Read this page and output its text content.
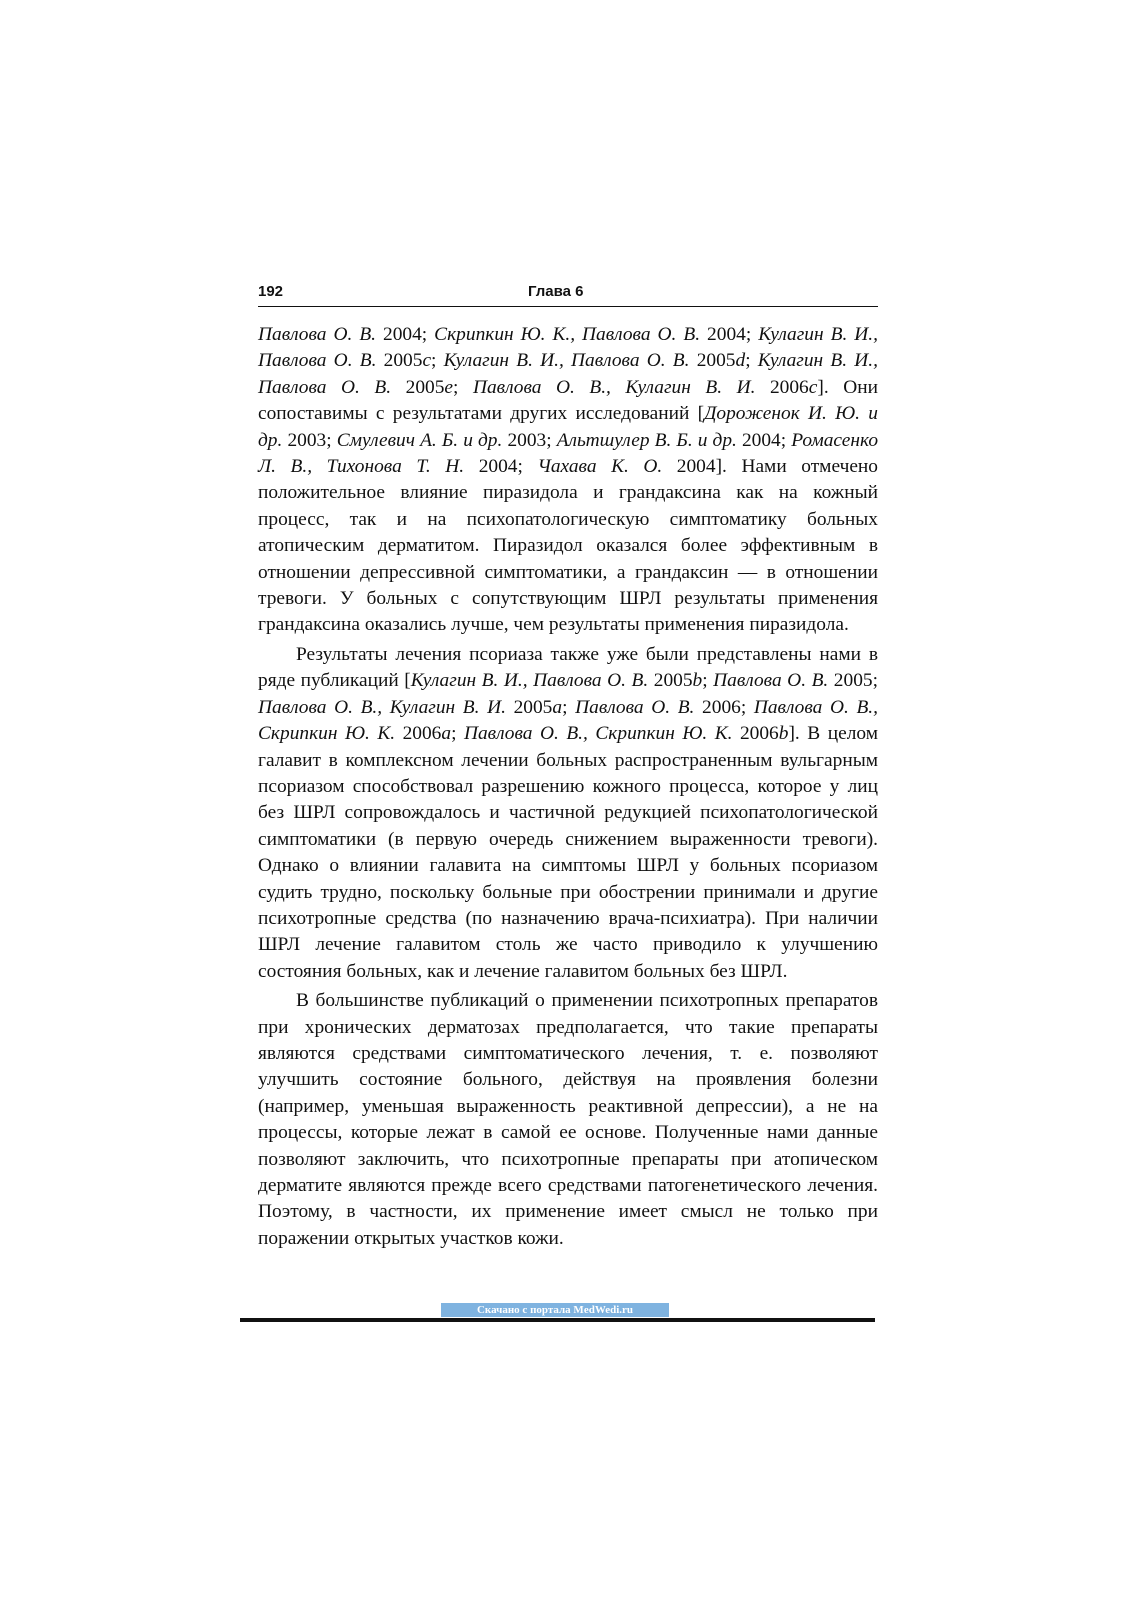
192	Глава 6

Павлова О. В. 2004; Скрипкин Ю. К., Павлова О. В. 2004; Кулагин В. И., Павлова О. В. 2005c; Кулагин В. И., Павлова О. В. 2005d; Кулагин В. И., Павлова О. В. 2005e; Павлова О. В., Кулагин В. И. 2006c]. Они сопоставимы с результатами других исследований [Дороженок И. Ю. и др. 2003; Смулевич А. Б. и др. 2003; Альтшулер В. Б. и др. 2004; Ромасенко Л. В., Тихонова Т. Н. 2004; Чахава К. О. 2004]. Нами отмечено положительное влияние пиразидола и грандаксина как на кожный процесс, так и на психопатологическую симптоматику больных атопическим дерматитом. Пиразидол оказался более эффективным в отношении депрессивной симптоматики, а грандаксин — в отношении тревоги. У больных с сопутствующим ШРЛ результаты применения грандаксина оказались лучше, чем результаты применения пиразидола.

Результаты лечения псориаза также уже были представлены нами в ряде публикаций [Кулагин В. И., Павлова О. В. 2005b; Павлова О. В. 2005; Павлова О. В., Кулагин В. И. 2005a; Павлова О. В. 2006; Павлова О. В., Скрипкин Ю. К. 2006a; Павлова О. В., Скрипкин Ю. К. 2006b]. В целом галавит в комплексном лечении больных распространенным вульгарным псориазом способствовал разрешению кожного процесса, которое у лиц без ШРЛ сопровождалось и частичной редукцией психопатологической симптоматики (в первую очередь снижением выраженности тревоги). Однако о влиянии галавита на симптомы ШРЛ у больных псориазом судить трудно, поскольку больные при обострении принимали и другие психотропные средства (по назначению врача-психиатра). При наличии ШРЛ лечение галавитом столь же часто приводило к улучшению состояния больных, как и лечение галавитом больных без ШРЛ.

В большинстве публикаций о применении психотропных препаратов при хронических дерматозах предполагается, что такие препараты являются средствами симптоматического лечения, т. е. позволяют улучшить состояние больного, действуя на проявления болезни (например, уменьшая выраженность реактивной депрессии), а не на процессы, которые лежат в самой ее основе. Полученные нами данные позволяют заключить, что психотропные препараты при атопическом дерматите являются прежде всего средствами патогенетического лечения. Поэтому, в частности, их применение имеет смысл не только при поражении открытых участков кожи.

Скачано с портала MedWedi.ru
